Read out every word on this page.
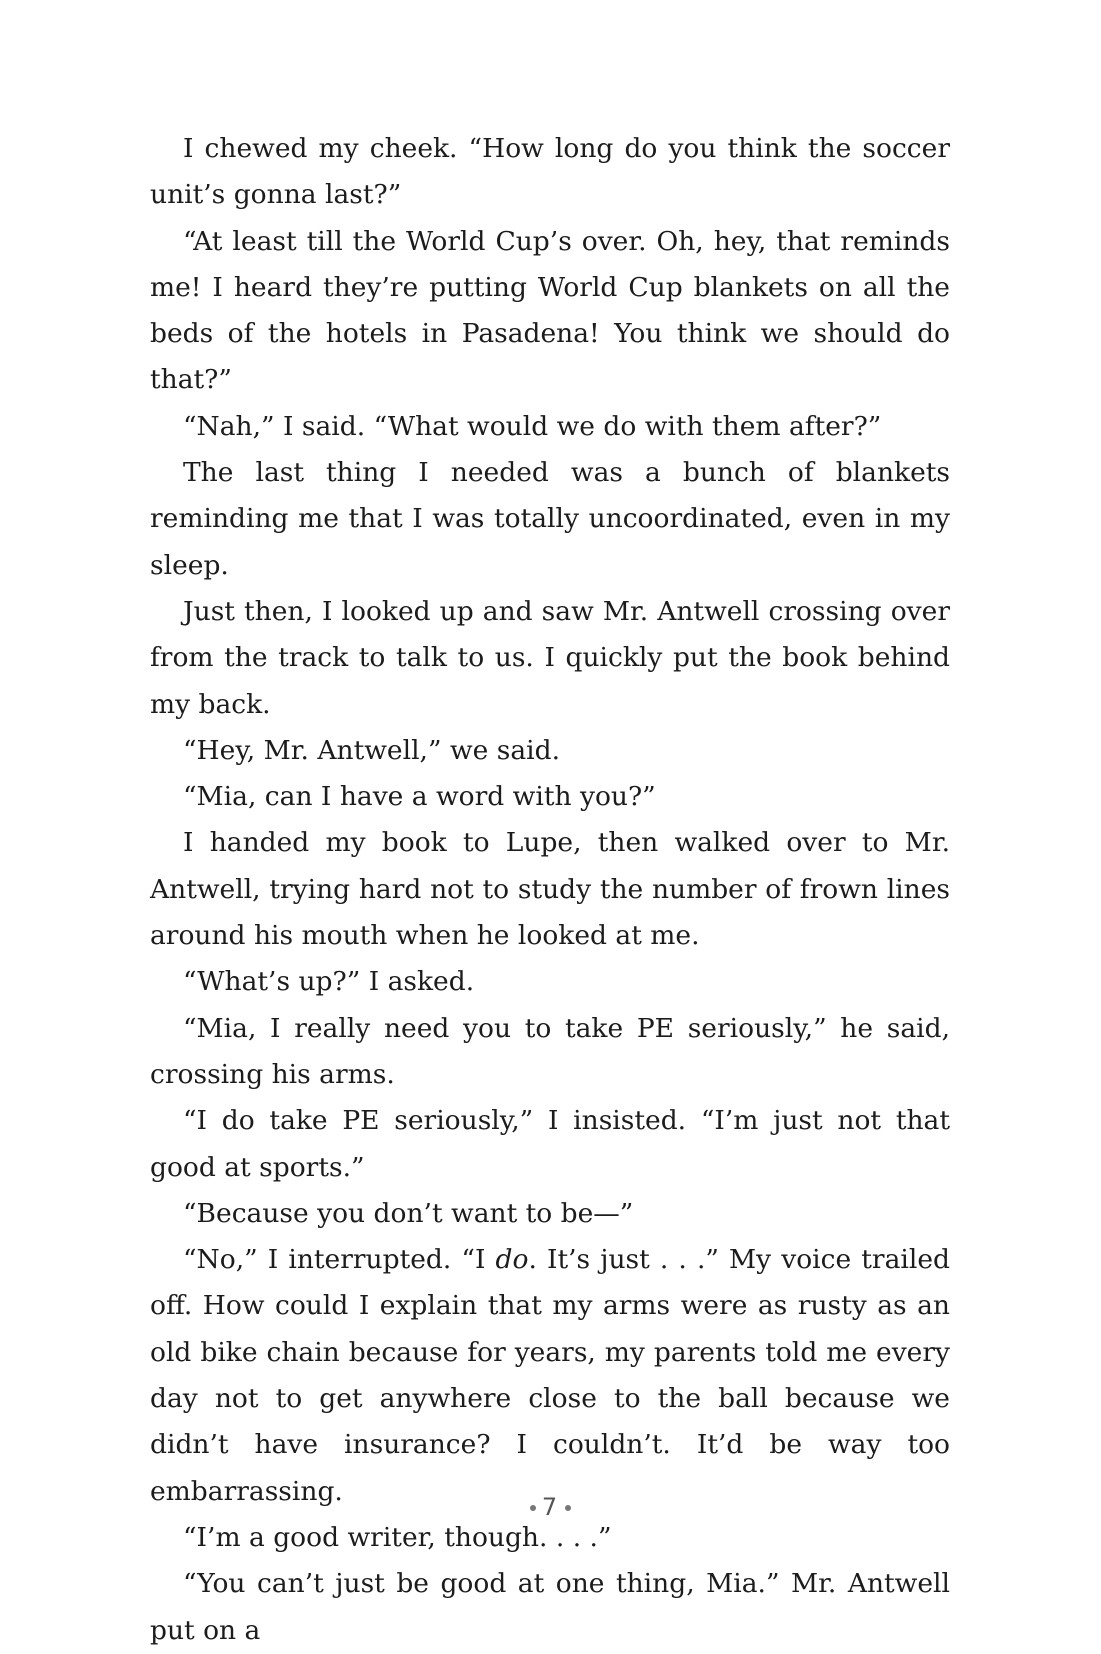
I chewed my cheek. “How long do you think the soccer unit’s gonna last?”

“At least till the World Cup’s over. Oh, hey, that reminds me! I heard they’re putting World Cup blankets on all the beds of the hotels in Pasadena! You think we should do that?”

“Nah,” I said. “What would we do with them after?”

The last thing I needed was a bunch of blankets reminding me that I was totally uncoordinated, even in my sleep.

Just then, I looked up and saw Mr. Antwell crossing over from the track to talk to us. I quickly put the book behind my back.

“Hey, Mr. Antwell,” we said.

“Mia, can I have a word with you?”

I handed my book to Lupe, then walked over to Mr. Antwell, trying hard not to study the number of frown lines around his mouth when he looked at me.

“What’s up?” I asked.

“Mia, I really need you to take PE seriously,” he said, crossing his arms.

“I do take PE seriously,” I insisted. “I’m just not that good at sports.”

“Because you don’t want to be—”

“No,” I interrupted. “I do. It’s just . . .” My voice trailed off. How could I explain that my arms were as rusty as an old bike chain because for years, my parents told me every day not to get anywhere close to the ball because we didn’t have insurance? I couldn’t. It’d be way too embarrassing.

“I’m a good writer, though. . . .”

“You can’t just be good at one thing, Mia.” Mr. Antwell put on a

7
